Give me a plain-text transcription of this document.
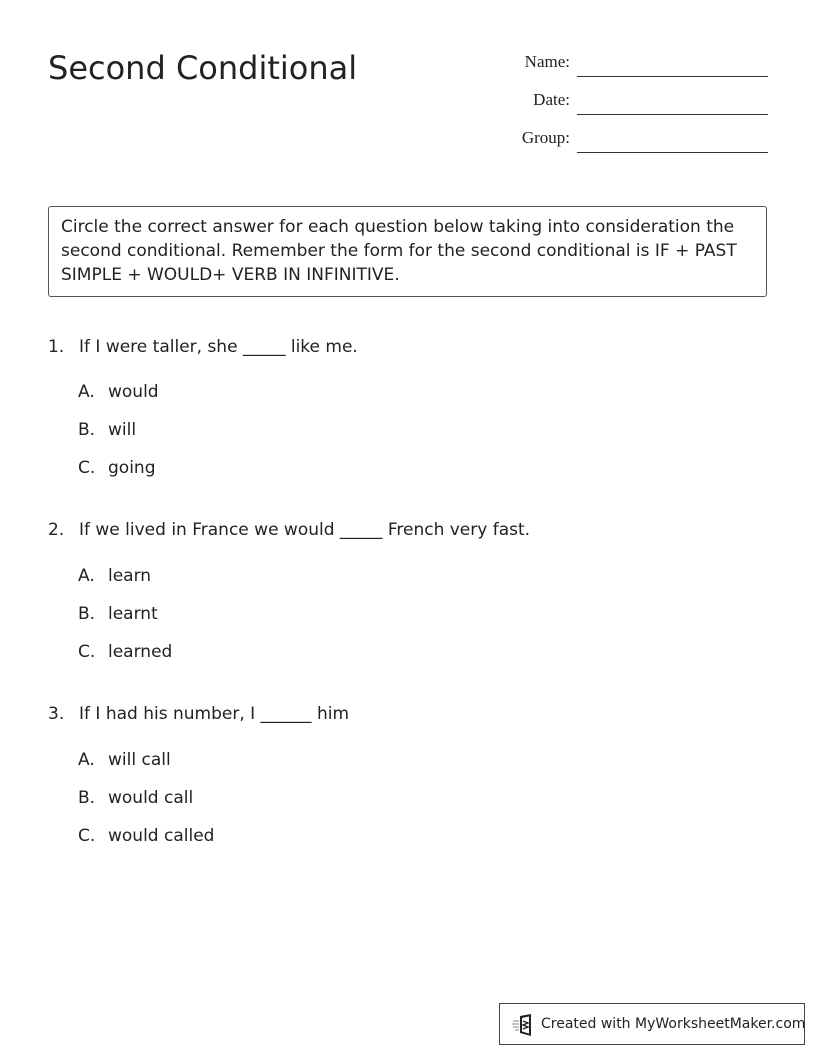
Second Conditional	Name:
Date:
Group:
Circle the correct answer for each question below taking into consideration the second conditional. Remember the form for the second conditional is IF + PAST SIMPLE + WOULD+ VERB IN INFINITIVE.
1. If I were taller, she _____ like me.
A. would
B. will
C. going
2. If we lived in France we would _____ French very fast.
A. learn
B. learnt
C. learned
3. If I had his number, I ______ him
A. will call
B. would call
C. would called
Created with MyWorksheetMaker.com
